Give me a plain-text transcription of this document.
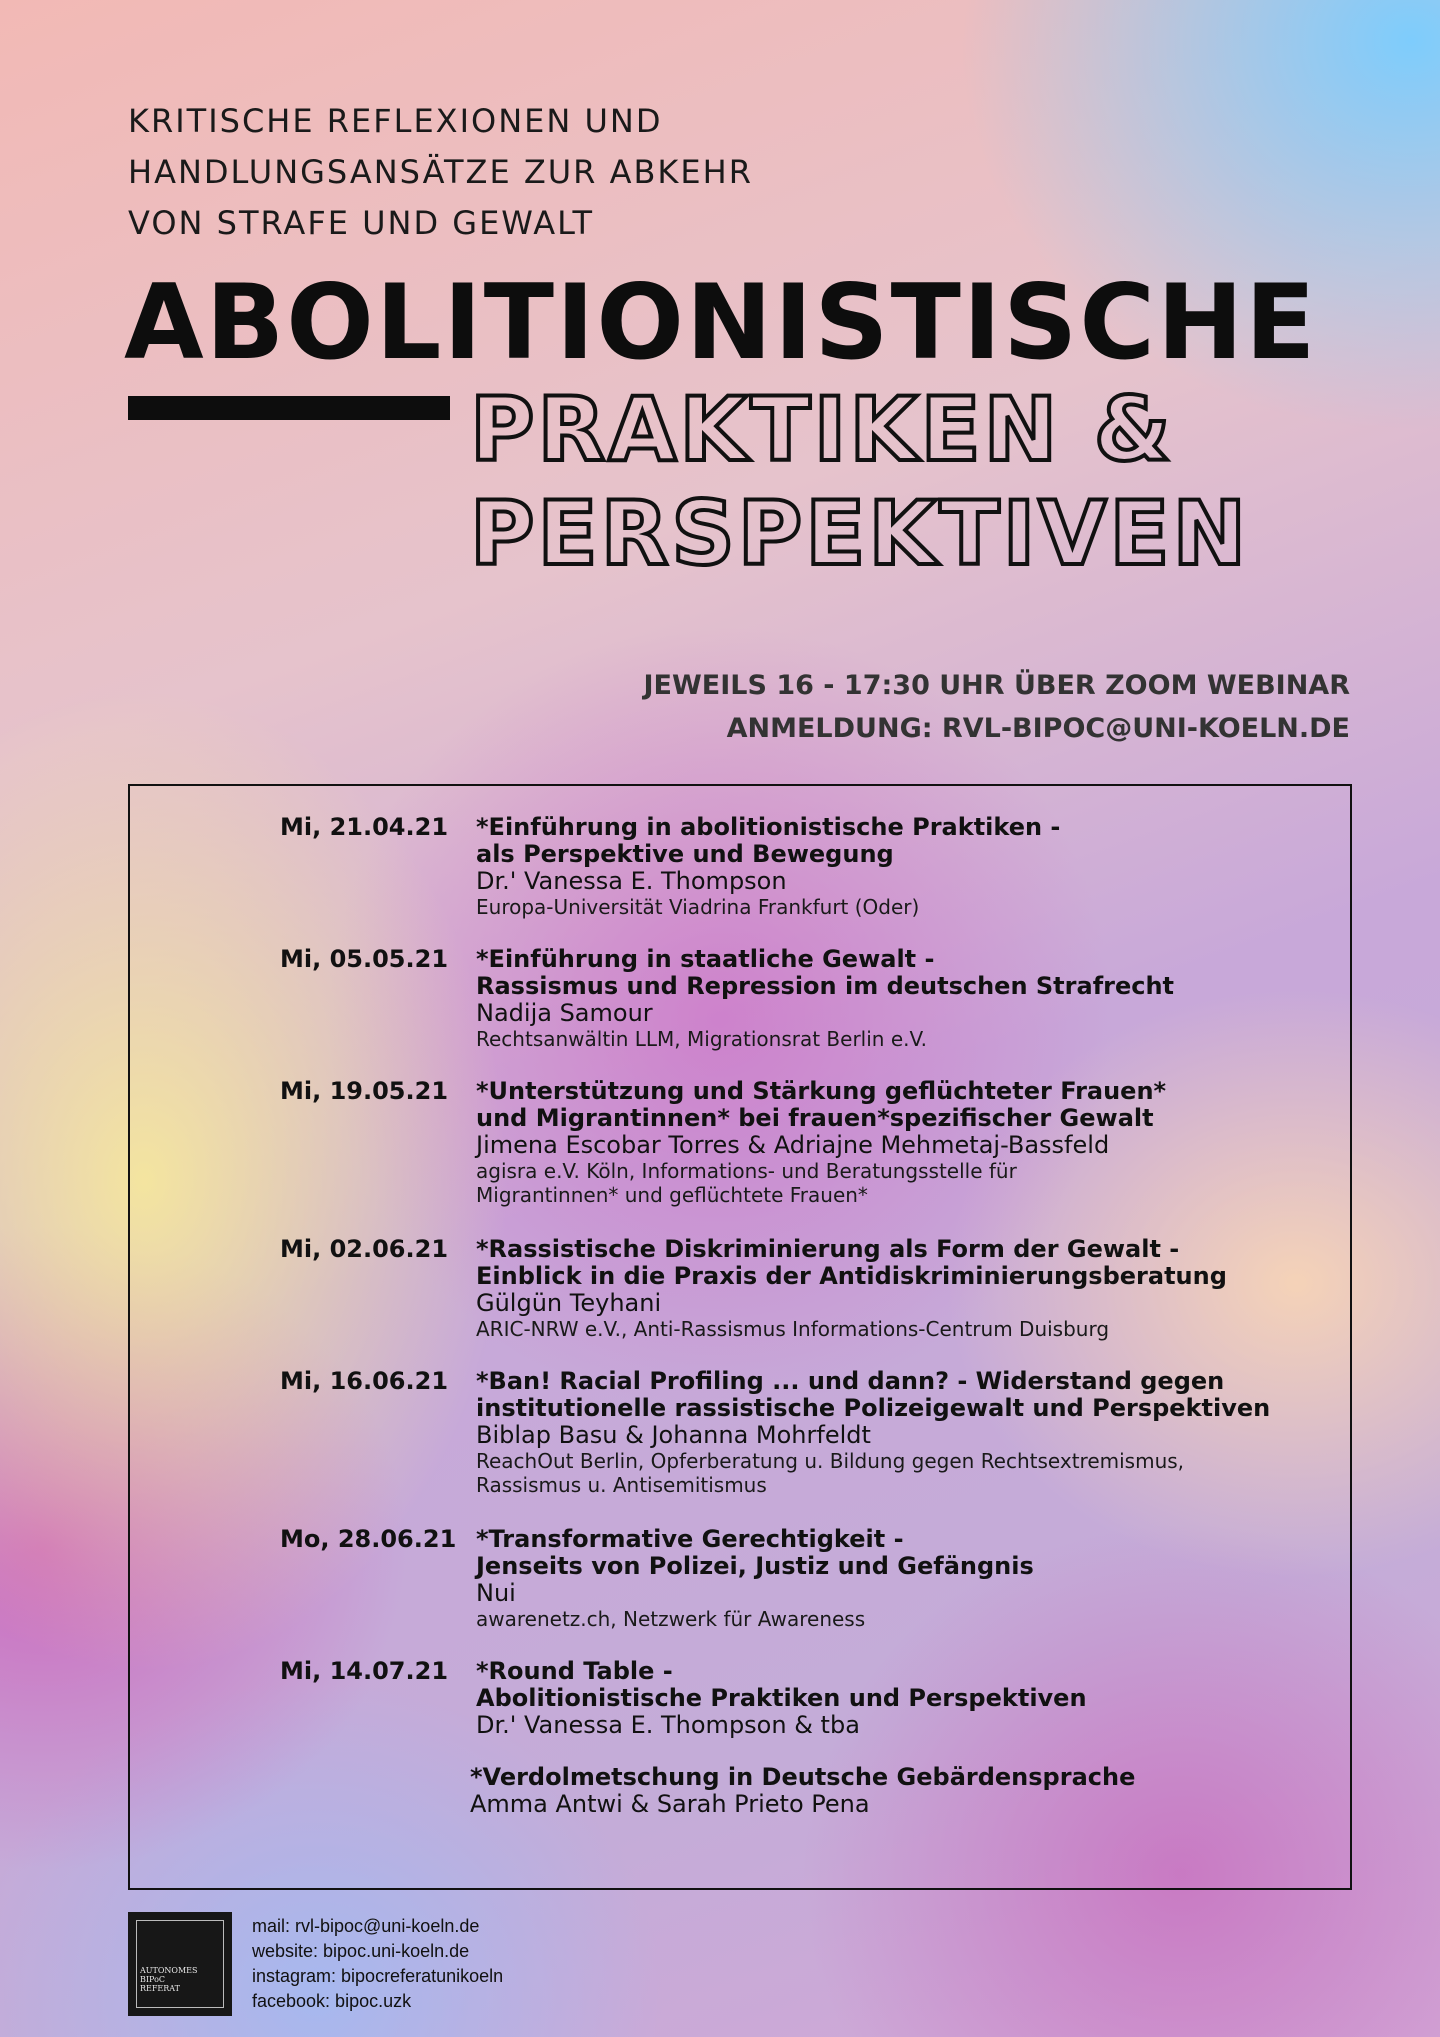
KRITISCHE REFLEXIONEN UND
HANDLUNGSANSÄTZE ZUR ABKEHR
VON STRAFE UND GEWALT
ABOLITIONISTISCHE
PRAKTIKEN &
PERSPEKTIVEN
JEWEILS 16 - 17:30 UHR ÜBER ZOOM WEBINAR
ANMELDUNG: RVL-BIPOC@UNI-KOELN.DE
Mi, 21.04.21 *Einführung in abolitionistische Praktiken -
als Perspektive und Bewegung
Dr.' Vanessa E. Thompson
Europa-Universität Viadrina Frankfurt (Oder)
Mi, 05.05.21 *Einführung in staatliche Gewalt -
Rassismus und Repression im deutschen Strafrecht
Nadija Samour
Rechtsanwältin LLM, Migrationsrat Berlin e.V.
Mi, 19.05.21 *Unterstützung und Stärkung geflüchteter Frauen*
und Migrantinnen* bei frauen*spezifischer Gewalt
Jimena Escobar Torres & Adriajne Mehmetaj-Bassfeld
agisra e.V. Köln, Informations- und Beratungsstelle für
Migrantinnen* und geflüchtete Frauen*
Mi, 02.06.21 *Rassistische Diskriminierung als Form der Gewalt -
Einblick in die Praxis der Antidiskriminierungsberatung
Gülgün Teyhani
ARIC-NRW e.V., Anti-Rassismus Informations-Centrum Duisburg
Mi, 16.06.21 *Ban! Racial Profiling ... und dann? - Widerstand gegen
institutionelle rassistische Polizeigewalt und Perspektiven
Biblap Basu & Johanna Mohrfeldt
ReachOut Berlin, Opferberatung u. Bildung gegen Rechtsextremismus,
Rassismus u. Antisemitismus
Mo, 28.06.21 *Transformative Gerechtigkeit -
Jenseits von Polizei, Justiz und Gefängnis
Nui
awarenetz.ch, Netzwerk für Awareness
Mi, 14.07.21 *Round Table -
Abolitionistische Praktiken und Perspektiven
Dr.' Vanessa E. Thompson & tba
*Verdolmetschung in Deutsche Gebärdensprache
Amma Antwi & Sarah Prieto Pena
AUTONOMES
BIPoC
REFERAT
mail: rvl-bipoc@uni-koeln.de
website: bipoc.uni-koeln.de
instagram: bipocreferatunikoeln
facebook: bipoc.uzk
